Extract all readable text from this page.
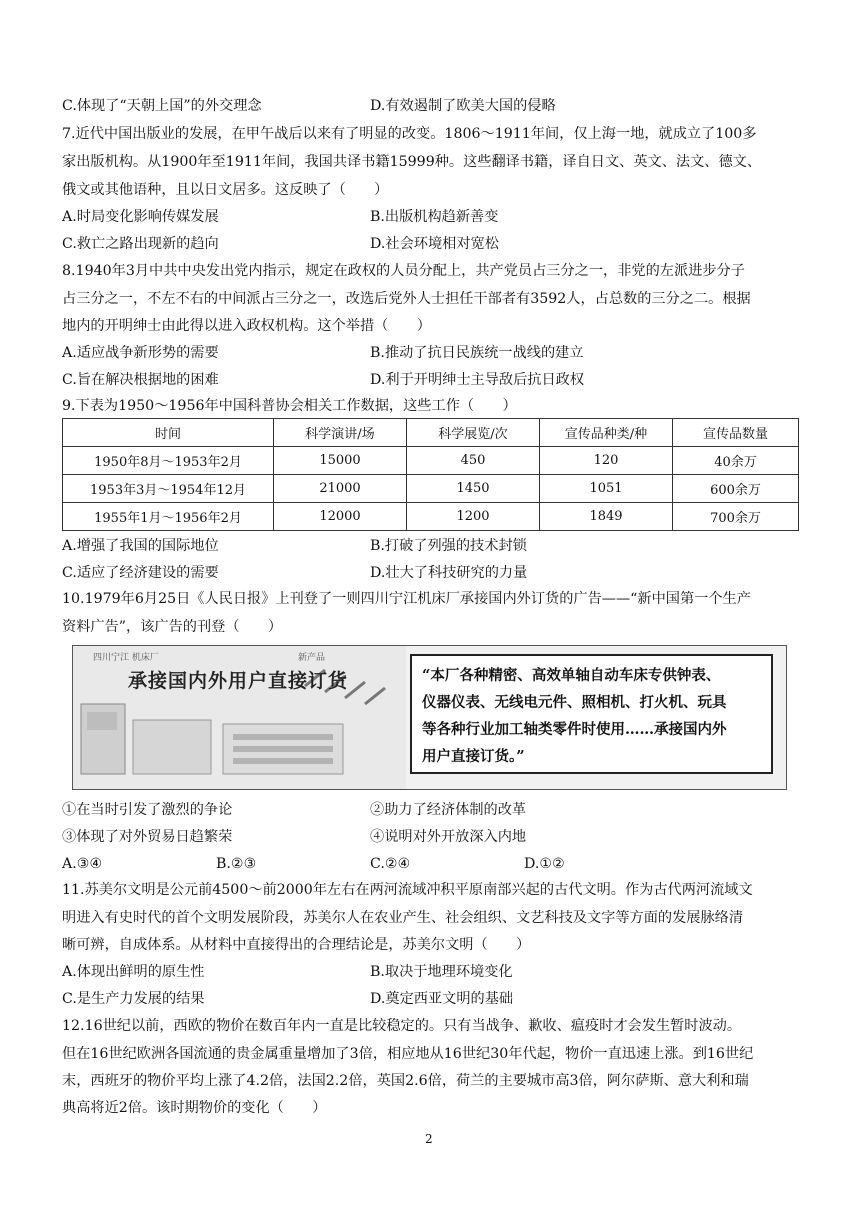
C.体现了“天朝上国”的外交理念	D.有效遏制了欧美大国的侵略
7.近代中国出版业的发展，在甲午战后以来有了明显的改变。1806～1911年间，仅上海一地，就成立了100多
家出版机构。从1900年至1911年间，我国共译书籍15999种。这些翻译书籍，译自日文、英文、法文、德文、
俄文或其他语种，且以日文居多。这反映了（　　）
A.时局变化影响传媒发展	B.出版机构趋新善变
C.救亡之路出现新的趋向	D.社会环境相对宽松
8.1940年3月中共中央发出党内指示，规定在政权的人员分配上，共产党员占三分之一，非党的左派进步分子
占三分之一，不左不右的中间派占三分之一，改选后党外人士担任干部者有3592人，占总数的三分之二。根据
地内的开明绅士由此得以进入政权机构。这个举措（　　）
A.适应战争新形势的需要	B.推动了抗日民族统一战线的建立
C.旨在解决根据地的困难	D.利于开明绅士主导敌后抗日政权
9.下表为1950～1956年中国科普协会相关工作数据，这些工作（　　）
时间	科学演讲/场	科学展览/次	宣传品种类/种	宣传品数量
1950年8月～1953年2月	15000	450	120	40余万
1953年3月～1954年12月	21000	1450	1051	600余万
1955年1月～1956年2月	12000	1200	1849	700余万
A.增强了我国的国际地位	B.打破了列强的技术封锁
C.适应了经济建设的需要	D.壮大了科技研究的力量
10.1979年6月25日《人民日报》上刊登了一则四川宁江机床厂承接国内外订货的广告——“新中国第一个生产
资料广告”，该广告的刊登（　　）
四川宁江 机床厂	新产品
承接国内外用户直接订货	“本厂各种精密、高效单轴自动车床专供钟表、
仪器仪表、无线电元件、照相机、打火机、玩具
等各种行业加工轴类零件时使用……承接国内外
用户直接订货。”
①在当时引发了激烈的争论	②助力了经济体制的改革
③体现了对外贸易日趋繁荣	④说明对外开放深入内地
A.③④	B.②③	C.②④	D.①②
11.苏美尔文明是公元前4500～前2000年左右在两河流域冲积平原南部兴起的古代文明。作为古代两河流域文
明进入有史时代的首个文明发展阶段，苏美尔人在农业产生、社会组织、文艺科技及文字等方面的发展脉络清
晰可辨，自成体系。从材料中直接得出的合理结论是，苏美尔文明（　　）
A.体现出鲜明的原生性	B.取决于地理环境变化
C.是生产力发展的结果	D.奠定西亚文明的基础
12.16世纪以前，西欧的物价在数百年内一直是比较稳定的。只有当战争、歉收、瘟疫时才会发生暂时波动。
但在16世纪欧洲各国流通的贵金属重量增加了3倍，相应地从16世纪30年代起，物价一直迅速上涨。到16世纪
末，西班牙的物价平均上涨了4.2倍，法国2.2倍，英国2.6倍，荷兰的主要城市高3倍，阿尔萨斯、意大利和瑞
典高将近2倍。该时期物价的变化（　　）
2
